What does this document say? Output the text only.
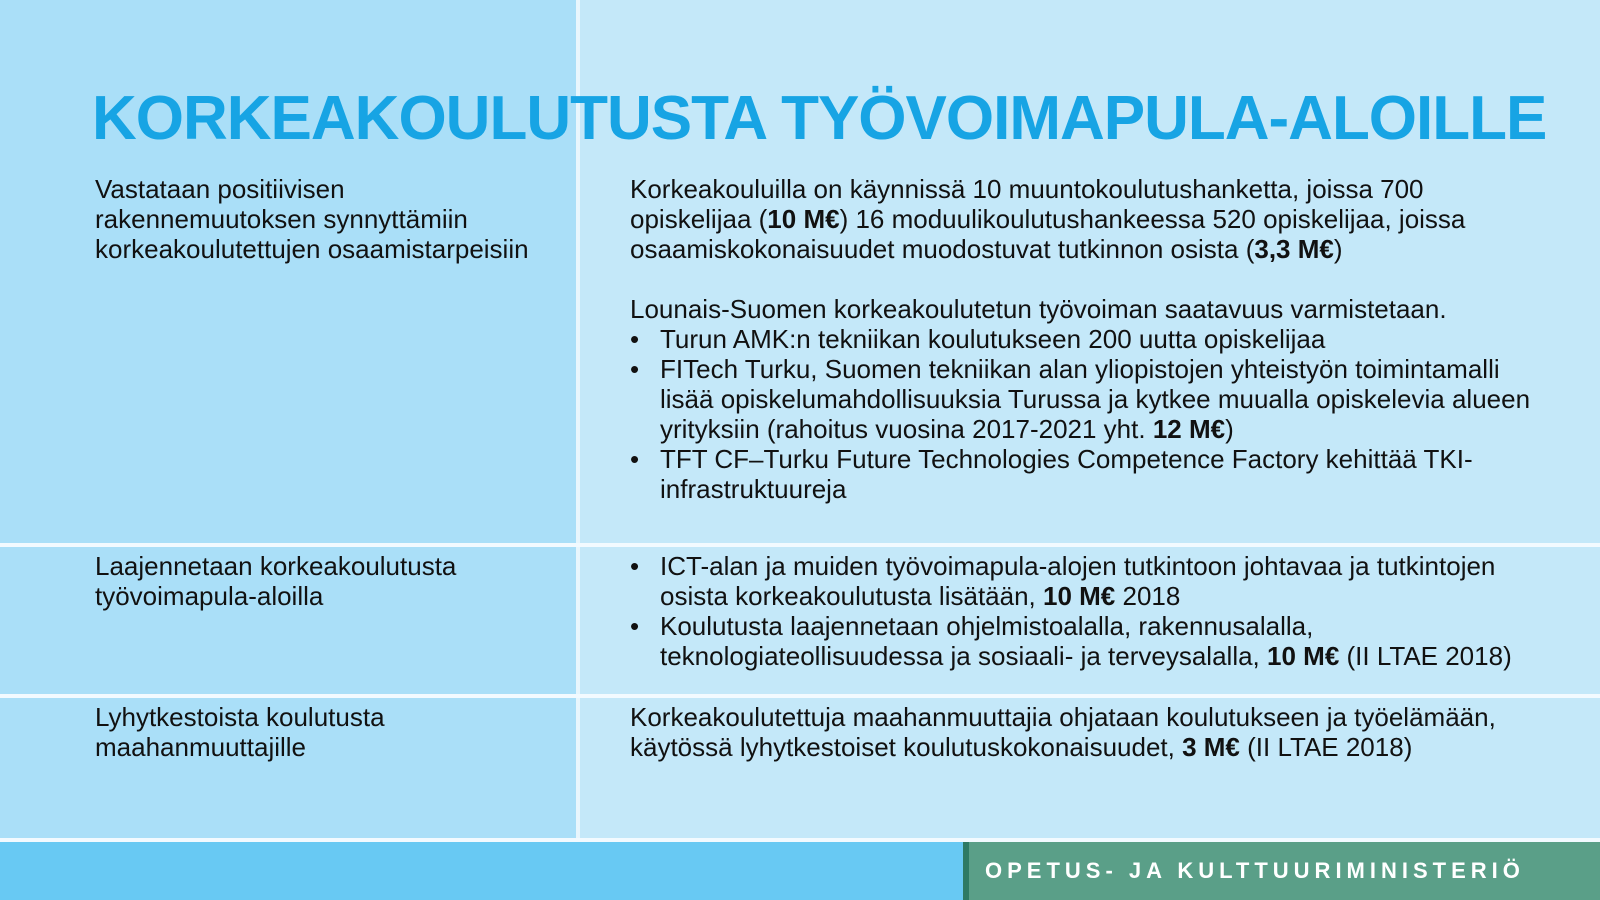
KORKEAKOULUTUSTA TYÖVOIMAPULA-ALOILLE

Vastataan positiivisen rakennemuutoksen synnyttämiin korkeakoulutettujen osaamistarpeisiin

Korkeakouluilla on käynnissä 10 muuntokoulutushanketta, joissa 700 opiskelijaa (10 M€) 16 moduulikoulutushankeessa 520 opiskelijaa, joissa osaamiskokonaisuudet muodostuvat tutkinnon osista (3,3 M€)

Lounais-Suomen korkeakoulutetun työvoiman saatavuus varmistetaan.

• Turun AMK:n tekniikan koulutukseen 200 uutta opiskelijaa
• FITech Turku, Suomen tekniikan alan yliopistojen yhteistyön toimintamalli lisää opiskelumahdollisuuksia Turussa ja kytkee muualla opiskelevia alueen yrityksiin (rahoitus vuosina 2017-2021 yht. 12 M€)
• TFT CF–Turku Future Technologies Competence Factory kehittää TKI-infrastruktuureja

Laajennetaan korkeakoulutusta työvoimapula-aloilla

• ICT-alan ja muiden työvoimapula-alojen tutkintoon johtavaa ja tutkintojen osista korkeakoulutusta lisätään, 10 M€ 2018
• Koulutusta laajennetaan ohjelmistoalalla, rakennusalalla, teknologiateollisuudessa ja sosiaali- ja terveysalalla, 10 M€ (II LTAE 2018)

Lyhytkestoista koulutusta maahanmuuttajille

Korkeakoulutettuja maahanmuuttajia ohjataan koulutukseen ja työelämään, käytössä lyhytkestoiset koulutuskokonaisuudet, 3 M€ (II LTAE 2018)

OPETUS- JA KULTTUURIMINISTERIÖ
